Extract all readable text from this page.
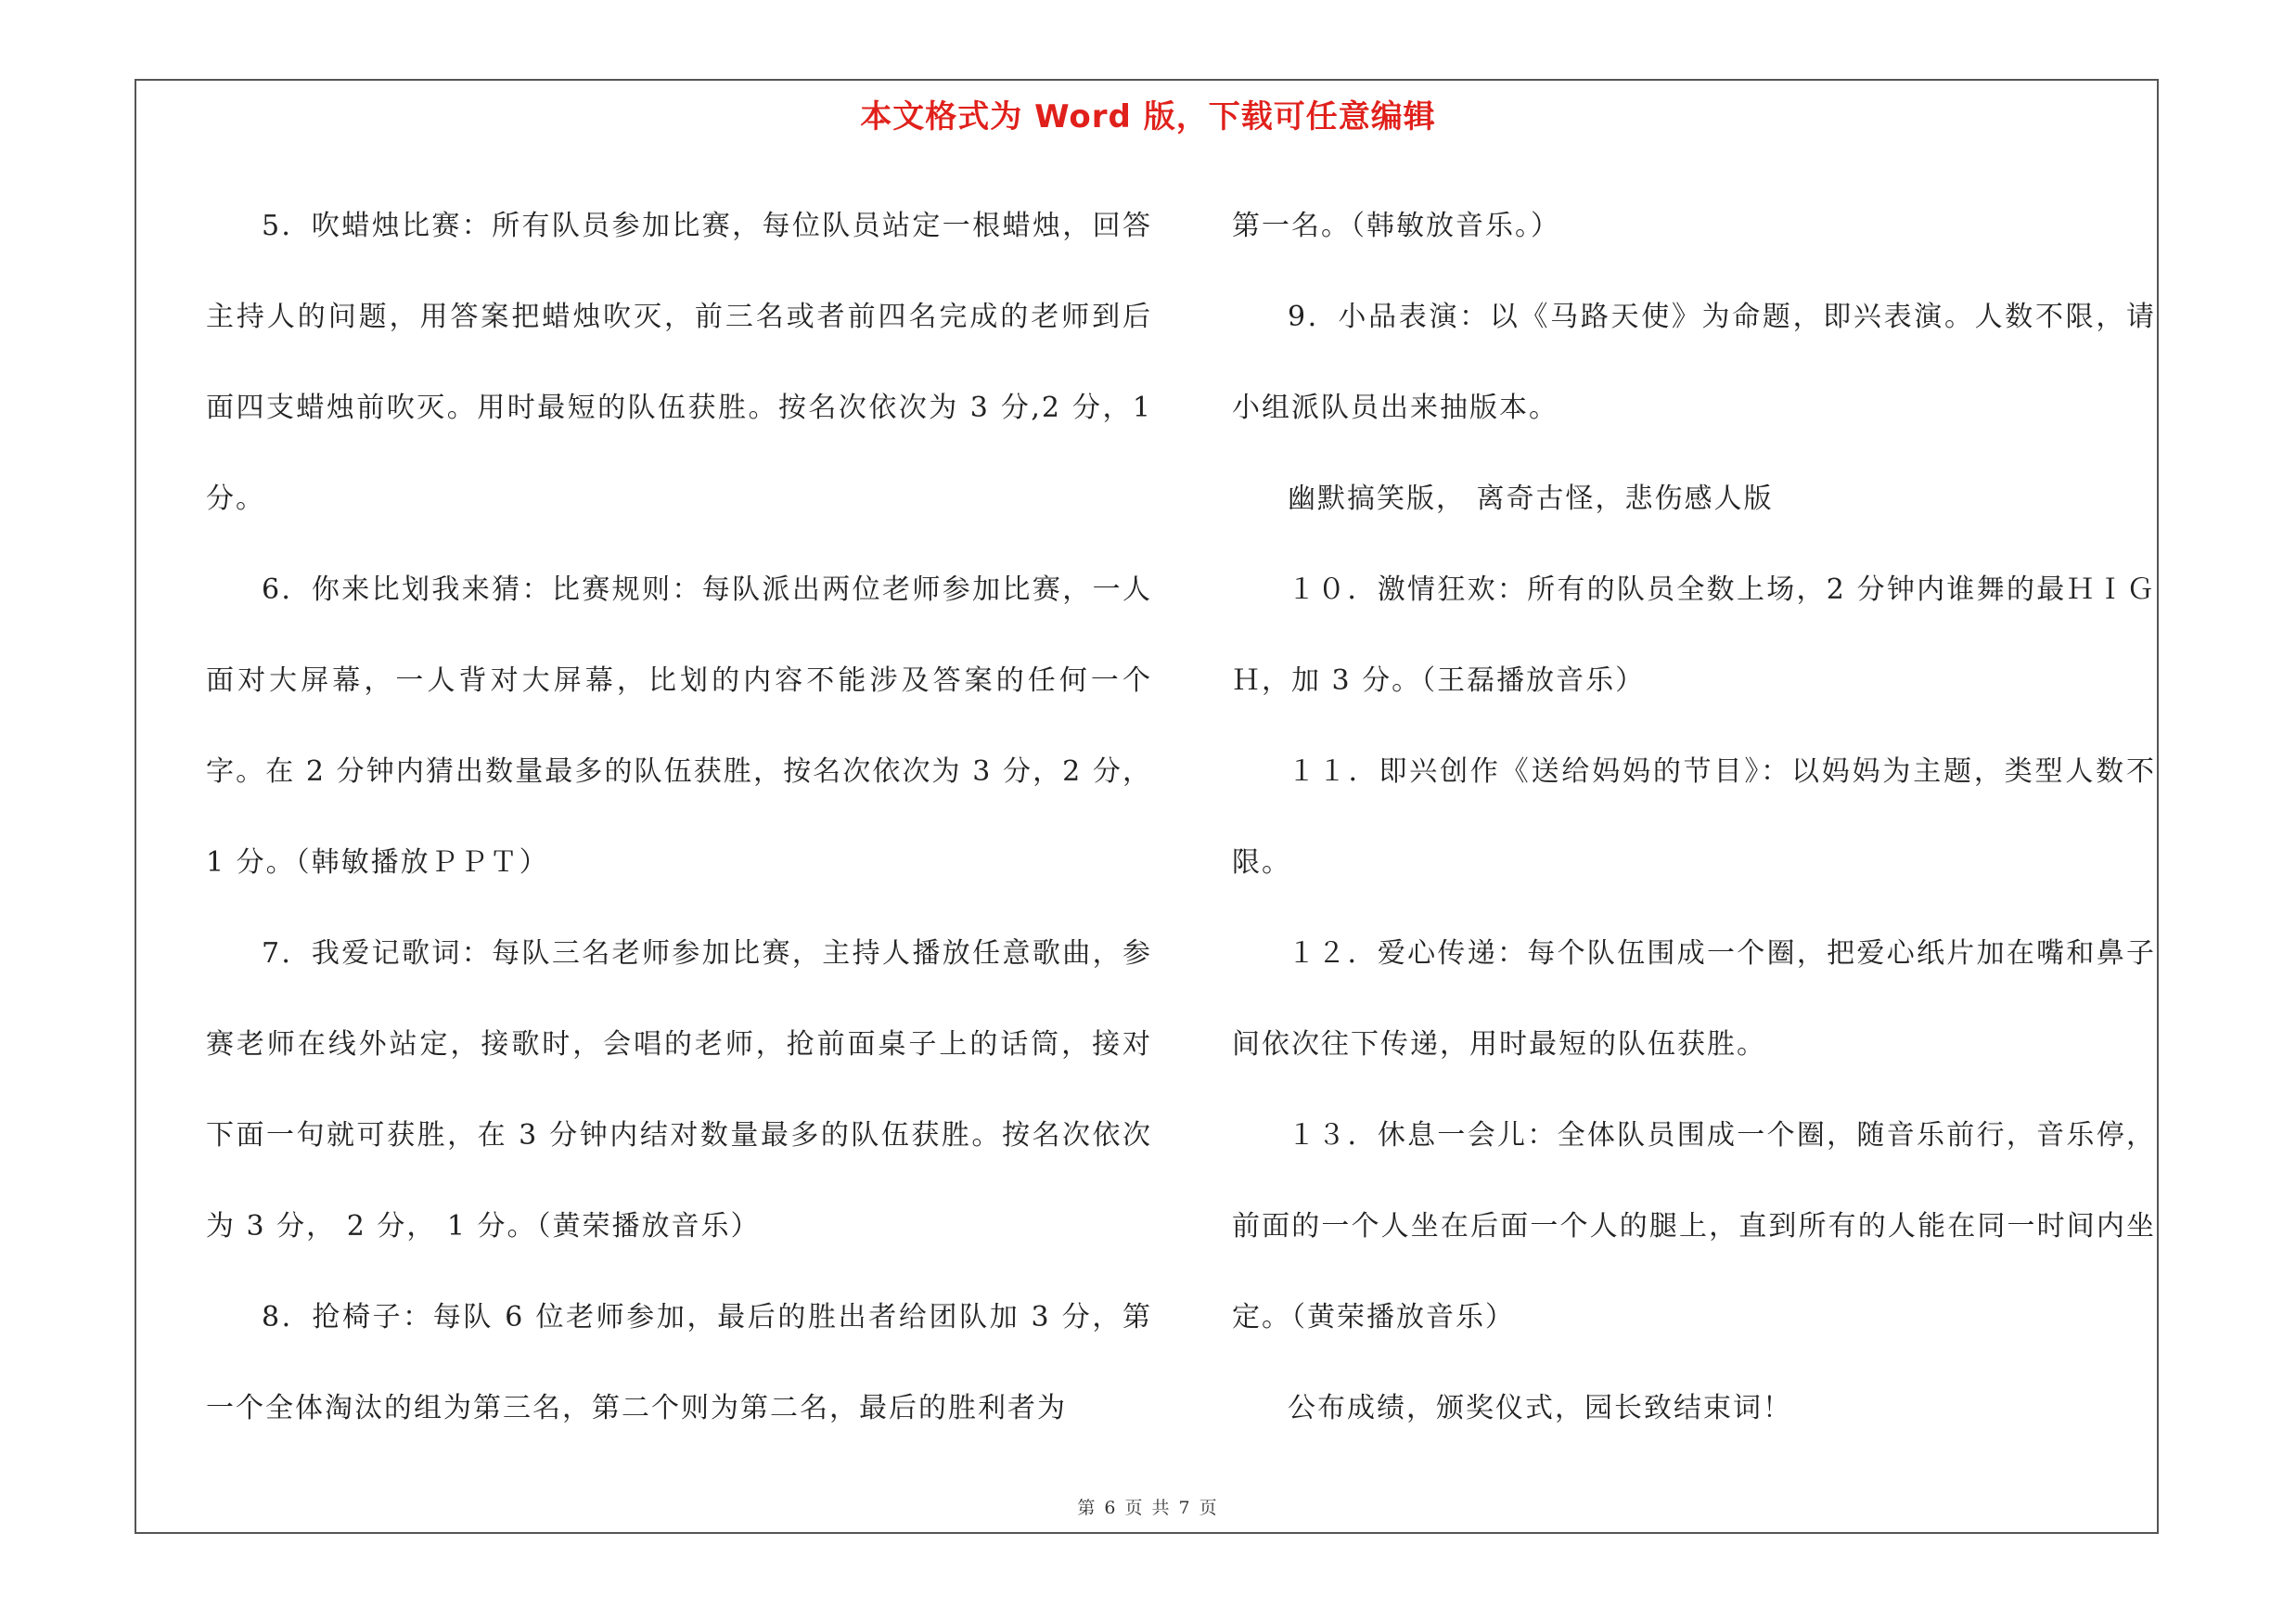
本文格式为 Word 版，下载可任意编辑

5．吹蜡烛比赛：所有队员参加比赛，每位队员站定一根蜡烛，回答主持人的问题，用答案把蜡烛吹灭，前三名或者前四名完成的老师到后面四支蜡烛前吹灭。用时最短的队伍获胜。按名次依次为 3 分,2 分，1 分。

6．你来比划我来猜：比赛规则：每队派出两位老师参加比赛，一人面对大屏幕，一人背对大屏幕，比划的内容不能涉及答案的任何一个字。在 2 分钟内猜出数量最多的队伍获胜，按名次依次为 3 分，2 分，1 分。（韩敏播放ＰＰＴ）

7．我爱记歌词：每队三名老师参加比赛，主持人播放任意歌曲，参赛老师在线外站定，接歌时，会唱的老师，抢前面桌子上的话筒，接对下面一句就可获胜，在 3 分钟内结对数量最多的队伍获胜。按名次依次为 3 分， 2 分， 1 分。（黄荣播放音乐）

8．抢椅子：每队 6 位老师参加，最后的胜出者给团队加 3 分，第一个全体淘汰的组为第三名，第二个则为第二名，最后的胜利者为

第一名。（韩敏放音乐。）

9．小品表演：以《马路天使》为命题，即兴表演。人数不限，请小组派队员出来抽版本。

幽默搞笑版， 离奇古怪，悲伤感人版

１０．激情狂欢：所有的队员全数上场，2 分钟内谁舞的最ＨＩＧＨ，加 3 分。（王磊播放音乐）

１１．即兴创作《送给妈妈的节目》：以妈妈为主题，类型人数不限。

１２．爱心传递：每个队伍围成一个圈，把爱心纸片加在嘴和鼻子间依次往下传递，用时最短的队伍获胜。

１３．休息一会儿：全体队员围成一个圈，随音乐前行，音乐停，前面的一个人坐在后面一个人的腿上，直到所有的人能在同一时间内坐定。（黄荣播放音乐）

公布成绩，颁奖仪式，园长致结束词！

第 6 页 共 7 页
